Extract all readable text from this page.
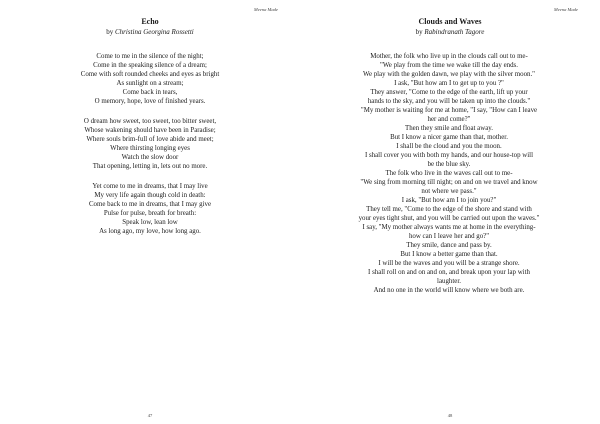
Meena Made
Echo
by Christina Georgina Rossetti
Come to me in the silence of the night;
Come in the speaking silence of a dream;
Come with soft rounded cheeks and eyes as bright
As sunlight on a stream;
Come back in tears,
O memory, hope, love of finished years.
O dream how sweet, too sweet, too bitter sweet,
Whose wakening should have been in Paradise;
Where souls brim-full of love abide and meet;
Where thirsting longing eyes
Watch the slow door
That opening, letting in, lets out no more.
Yet come to me in dreams, that I may live
My very life again though cold in death:
Come back to me in dreams, that I may give
Pulse for pulse, breath for breath:
Speak low, lean low
As long ago, my love, how long ago.
47
Meena Made
Clouds and Waves
by Rabindranath Tagore
Mother, the folk who live up in the clouds call out to me-
"We play from the time we wake till the day ends.
We play with the golden dawn, we play with the silver moon."
I ask, "But how am I to get up to you ?"
They answer, "Come to the edge of the earth, lift up your
hands to the sky, and you will be taken up into the clouds."
"My mother is waiting for me at home, "I say, "How can I leave
her and come?"
Then they smile and float away.
But I know a nicer game than that, mother.
I shall be the cloud and you the moon.
I shall cover you with both my hands, and our house-top will
be the blue sky.
The folk who live in the waves call out to me-
"We sing from morning till night; on and on we travel and know
not where we pass."
I ask, "But how am I to join you?"
They tell me, "Come to the edge of the shore and stand with
your eyes tight shut, and you will be carried out upon the waves."
I say, "My mother always wants me at home in the everything-
how can I leave her and go?"
They smile, dance and pass by.
But I know a better game than that.
I will be the waves and you will be a strange shore.
I shall roll on and on and on, and break upon your lap with
laughter.
And no one in the world will know where we both are.
48
